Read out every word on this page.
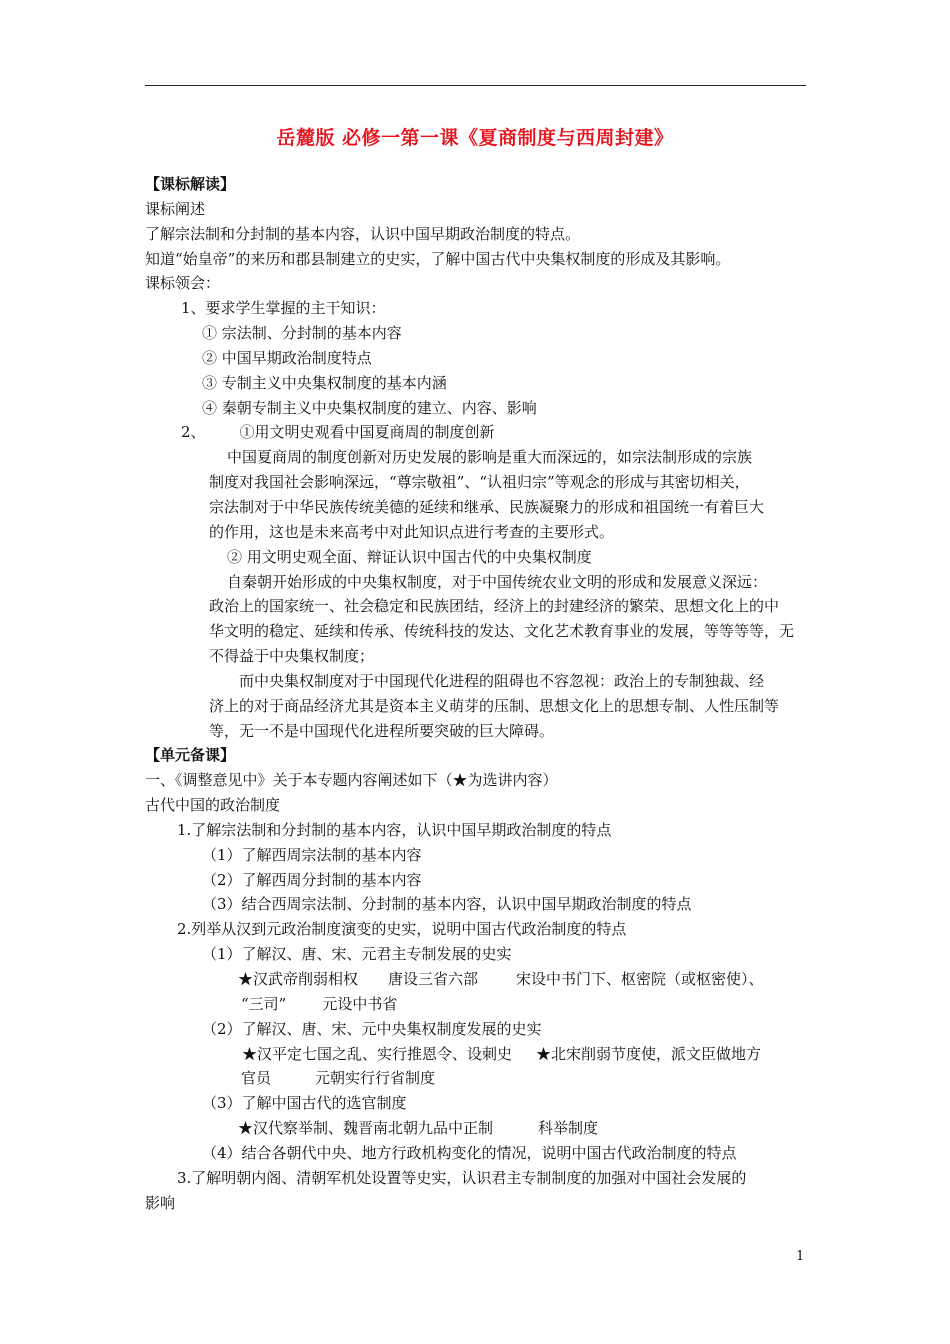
岳麓版 必修一第一课《夏商制度与西周封建》
【课标解读】
课标阐述
了解宗法制和分封制的基本内容，认识中国早期政治制度的特点。
知道“始皇帝”的来历和郡县制建立的史实，了解中国古代中央集权制度的形成及其影响。
课标领会：
1、要求学生掌握的主干知识：
① 宗法制、分封制的基本内容
② 中国早期政治制度特点
③ 专制主义中央集权制度的基本内涵
④ 秦朝专制主义中央集权制度的建立、内容、影响
2、 ①用文明史观看中国夏商周的制度创新
中国夏商周的制度创新对历史发展的影响是重大而深远的，如宗法制形成的宗族
制度对我国社会影响深远，“尊宗敬祖”、“认祖归宗”等观念的形成与其密切相关，
宗法制对于中华民族传统美德的延续和继承、民族凝聚力的形成和祖国统一有着巨大
的作用，这也是未来高考中对此知识点进行考查的主要形式。
② 用文明史观全面、辩证认识中国古代的中央集权制度
自秦朝开始形成的中央集权制度，对于中国传统农业文明的形成和发展意义深远：
政治上的国家统一、社会稳定和民族团结，经济上的封建经济的繁荣、思想文化上的中
华文明的稳定、延续和传承、传统科技的发达、文化艺术教育事业的发展，等等等等，无
不得益于中央集权制度；
而中央集权制度对于中国现代化进程的阻碍也不容忽视：政治上的专制独裁、经
济上的对于商品经济尤其是资本主义萌芽的压制、思想文化上的思想专制、人性压制等
等，无一不是中国现代化进程所要突破的巨大障碍。
【单元备课】
一、《调整意见中》关于本专题内容阐述如下（★为选讲内容）
古代中国的政治制度
1.了解宗法制和分封制的基本内容，认识中国早期政治制度的特点
（1）了解西周宗法制的基本内容
（2）了解西周分封制的基本内容
（3）结合西周宗法制、分封制的基本内容，认识中国早期政治制度的特点
2.列举从汉到元政治制度演变的史实，说明中国古代政治制度的特点
（1）了解汉、唐、宋、元君主专制发展的史实
★汉武帝削弱相权 唐设三省六部	宋设中书门下、枢密院（或枢密使）、
“三司” 元设中书省
（2）了解汉、唐、宋、元中央集权制度发展的史实
★汉平定七国之乱、实行推恩令、设刺史 ★北宋削弱节度使，派文臣做地方
官员	元朝实行行省制度
（3）了解中国古代的选官制度
★汉代察举制、魏晋南北朝九品中正制	科举制度
（4）结合各朝代中央、地方行政机构变化的情况，说明中国古代政治制度的特点
3.了解明朝内阁、清朝军机处设置等史实，认识君主专制制度的加强对中国社会发展的
影响
1
